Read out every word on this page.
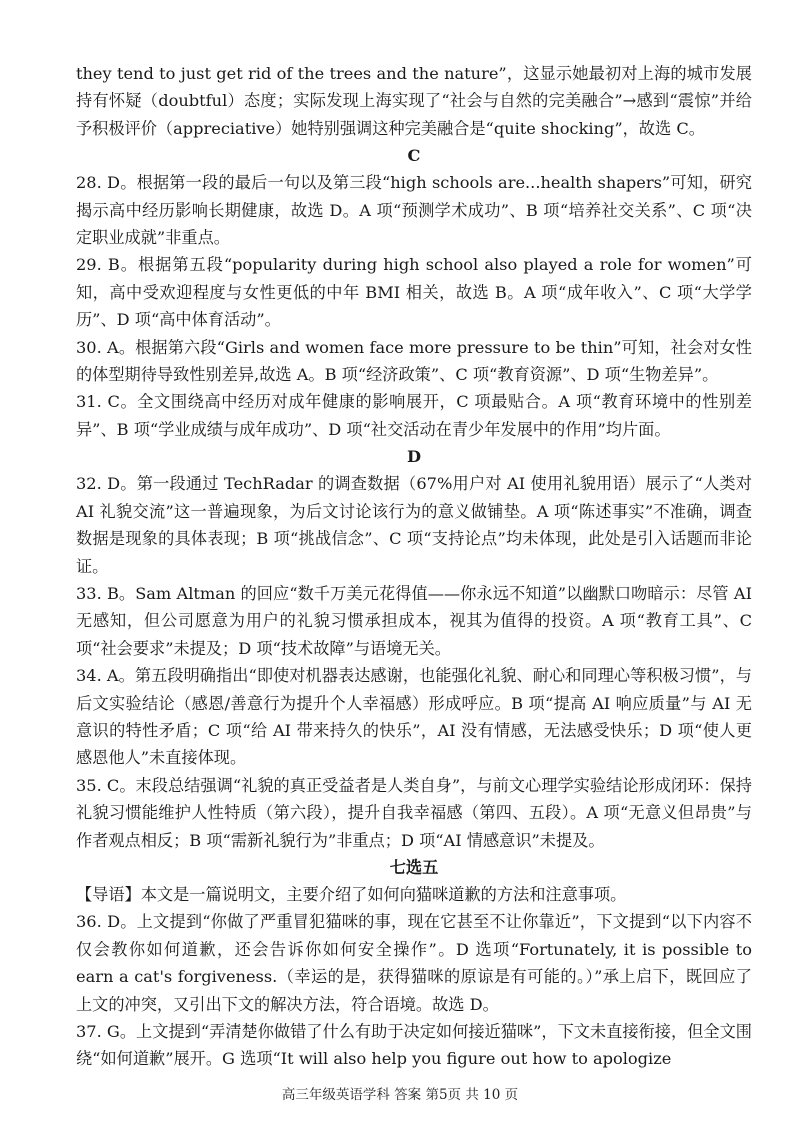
they tend to just get rid of the trees and the nature”，这显示她最初对上海的城市发展持有怀疑（doubtful）态度；实际发现上海实现了“社会与自然的完美融合”→感到“震惊”并给予积极评价（appreciative）她特别强调这种完美融合是“quite shocking”，故选 C。

C

28. D。根据第一段的最后一句以及第三段“high schools are...health shapers”可知，研究揭示高中经历影响长期健康，故选 D。A 项“预测学术成功”、B 项“培养社交关系”、C 项“决定职业成就”非重点。

29. B。根据第五段“popularity during high school also played a role for women”可知，高中受欢迎程度与女性更低的中年 BMI 相关，故选 B。A 项“成年收入”、C 项“大学学历”、D 项“高中体育活动”。

30. A。根据第六段“Girls and women face more pressure to be thin”可知，社会对女性的体型期待导致性别差异,故选 A。B 项“经济政策”、C 项“教育资源”、D 项“生物差异”。

31. C。全文围绕高中经历对成年健康的影响展开，C 项最贴合。A 项“教育环境中的性别差异”、B 项“学业成绩与成年成功”、D 项“社交活动在青少年发展中的作用”均片面。

D

32. D。第一段通过 TechRadar 的调查数据（67%用户对 AI 使用礼貌用语）展示了“人类对 AI 礼貌交流”这一普遍现象，为后文讨论该行为的意义做铺垫。A 项“陈述事实”不准确，调查数据是现象的具体表现；B 项“挑战信念”、C 项“支持论点”均未体现，此处是引入话题而非论证。

33. B。Sam Altman 的回应“数千万美元花得值——你永远不知道”以幽默口吻暗示：尽管 AI 无感知，但公司愿意为用户的礼貌习惯承担成本，视其为值得的投资。A 项“教育工具”、C 项“社会要求”未提及；D 项“技术故障”与语境无关。

34. A。第五段明确指出“即使对机器表达感谢，也能强化礼貌、耐心和同理心等积极习惯”，与后文实验结论（感恩/善意行为提升个人幸福感）形成呼应。B 项“提高 AI 响应质量”与 AI 无意识的特性矛盾；C 项“给 AI 带来持久的快乐”，AI 没有情感，无法感受快乐；D 项“使人更感恩他人”未直接体现。

35. C。末段总结强调“礼貌的真正受益者是人类自身”，与前文心理学实验结论形成闭环：保持礼貌习惯能维护人性特质（第六段），提升自我幸福感（第四、五段）。A 项“无意义但昂贵”与作者观点相反；B 项“需新礼貌行为”非重点；D 项“AI 情感意识”未提及。

七选五

【导语】本文是一篇说明文，主要介绍了如何向猫咪道歉的方法和注意事项。

36. D。上文提到“你做了严重冒犯猫咪的事，现在它甚至不让你靠近”，下文提到“以下内容不仅会教你如何道歉，还会告诉你如何安全操作”。D 选项“Fortunately, it is possible to earn a cat's forgiveness.（幸运的是，获得猫咪的原谅是有可能的。）”承上启下，既回应了上文的冲突，又引出下文的解决方法，符合语境。故选 D。

37. G。上文提到“弄清楚你做错了什么有助于决定如何接近猫咪”，下文未直接衔接，但全文围绕“如何道歉”展开。G 选项“It will also help you figure out how to apologize

高三年级英语学科 答案 第5页 共 10 页
